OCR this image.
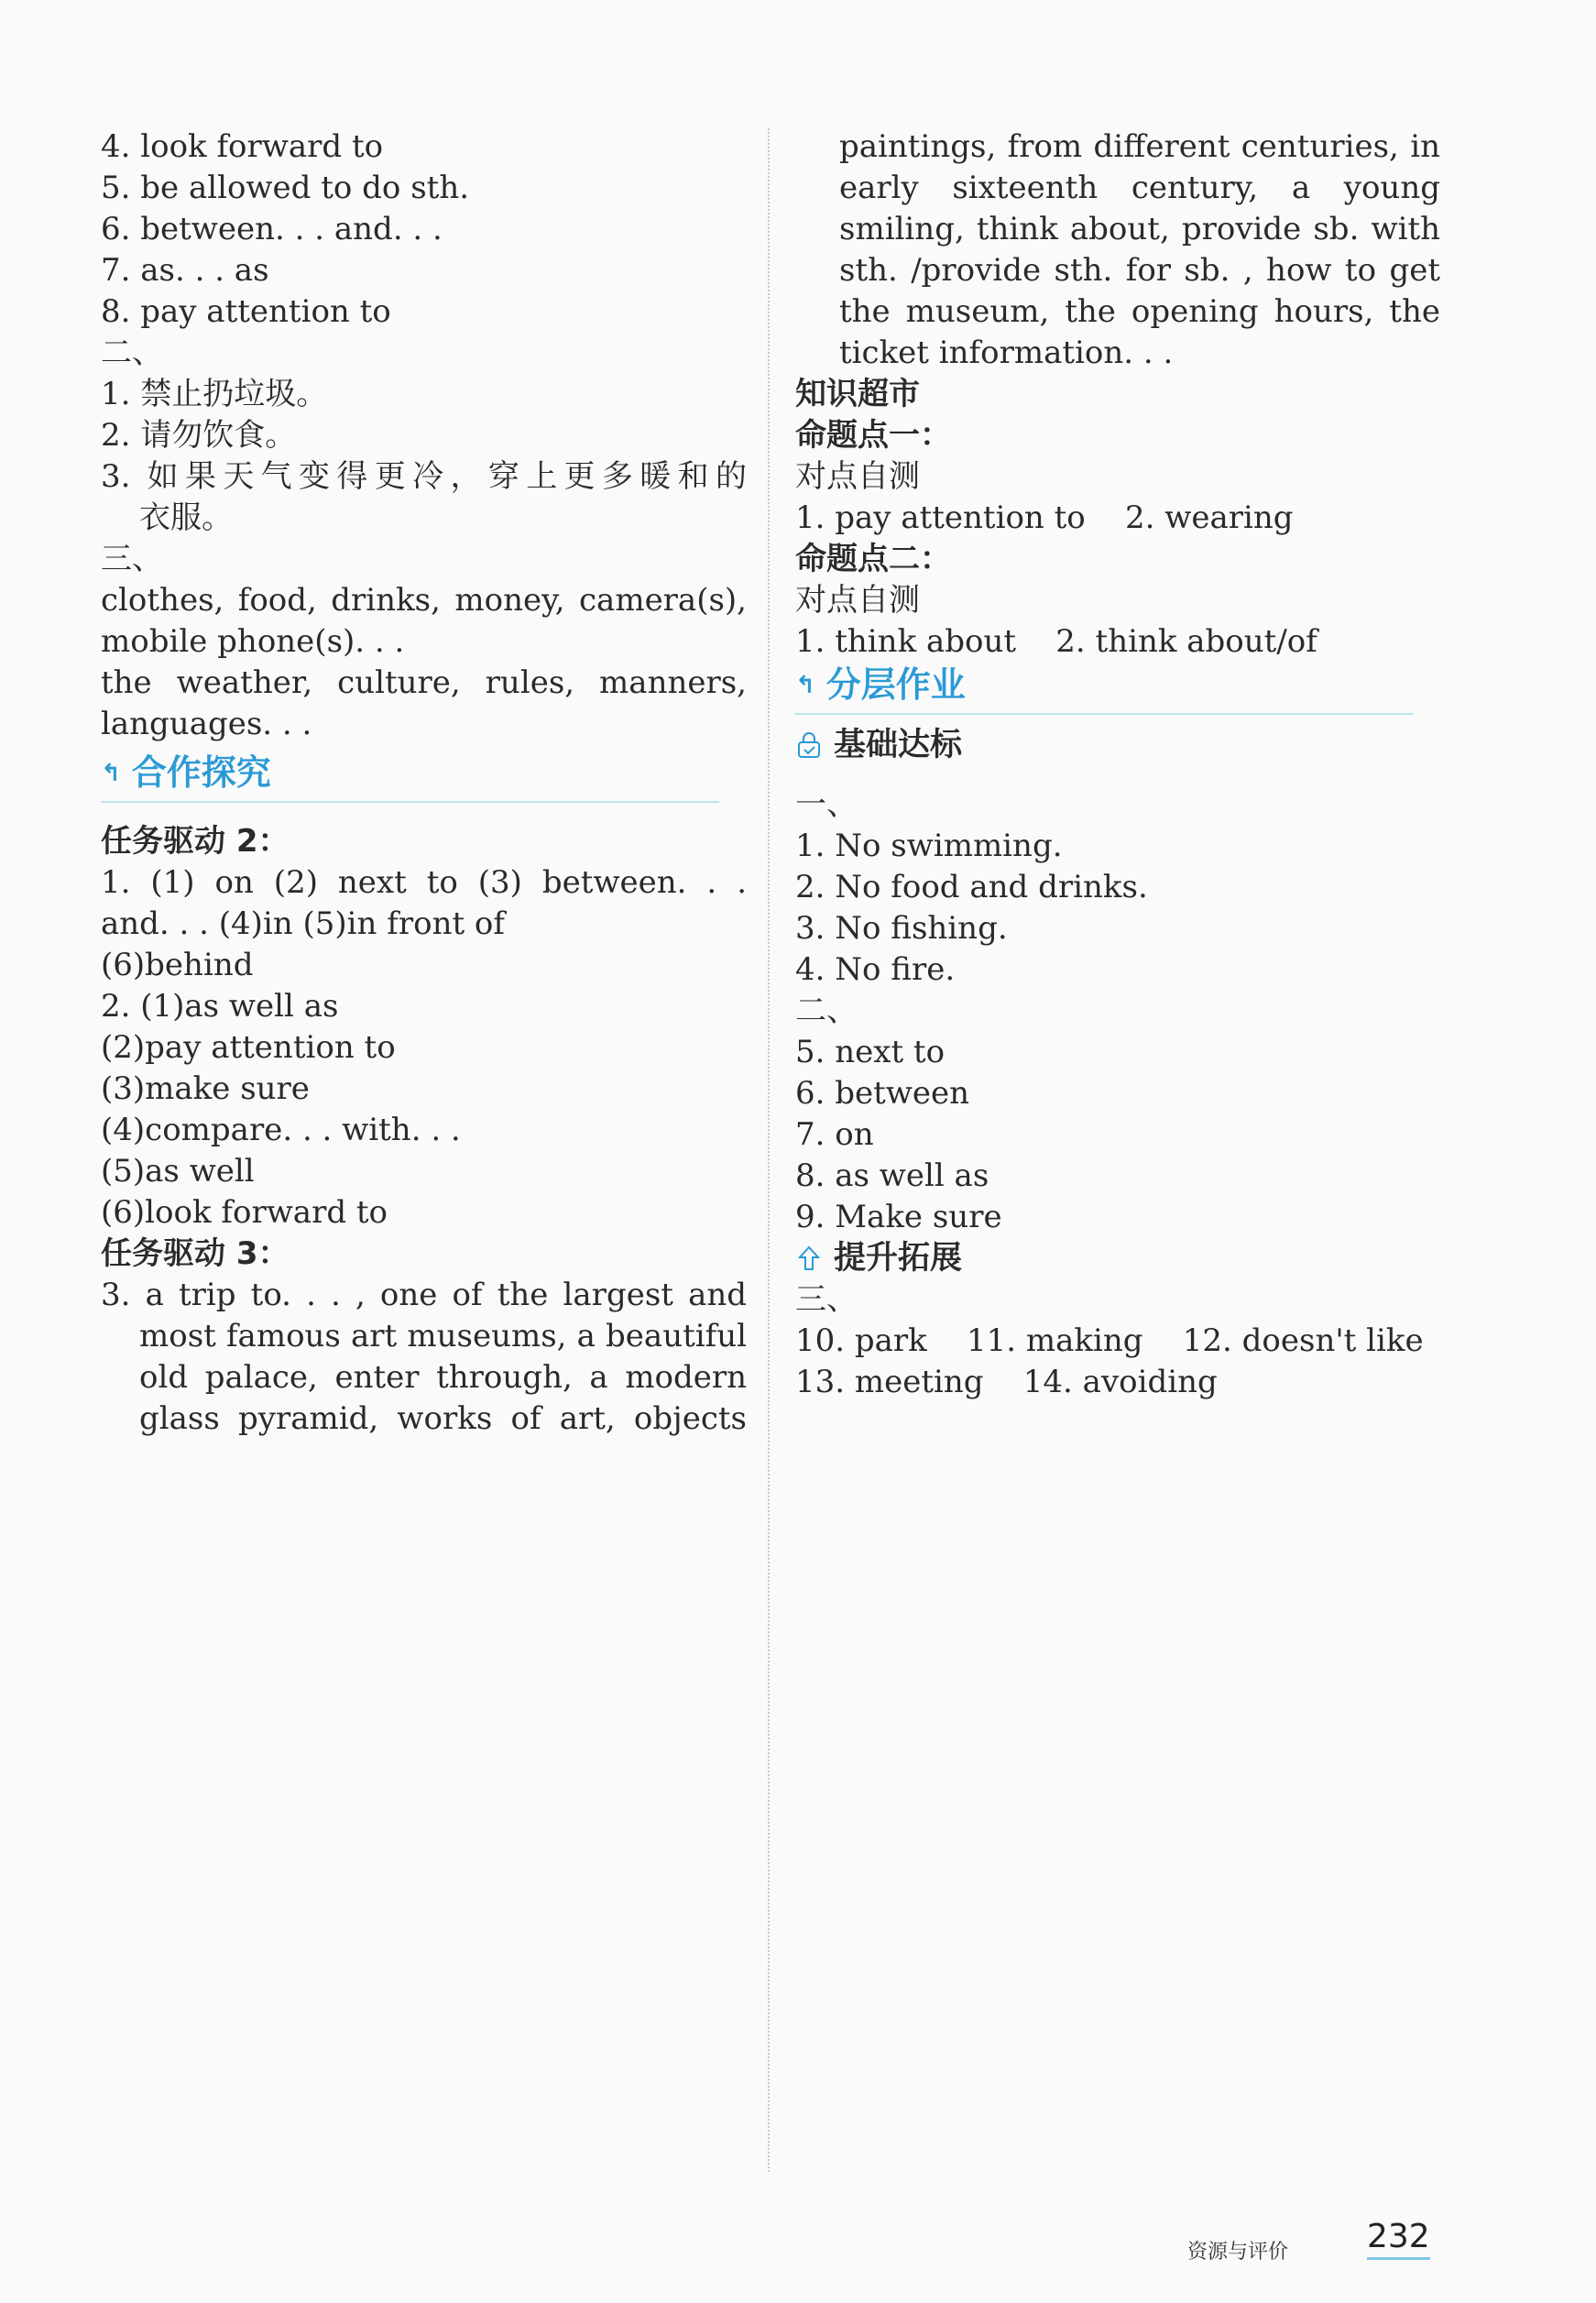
4. look forward to
5. be allowed to do sth.
6. between. . . and. . .
7. as. . . as
8. pay attention to
二、
1. 禁止扔垃圾。
2. 请勿饮食。
3. 如果天气变得更冷，穿上更多暖和的
衣服。
三、
clothes, food, drinks, money, camera(s),
mobile phone(s). . .
the weather, culture, rules, manners,
languages. . .
↰ 合作探究
任务驱动 2：
1. (1) on (2) next to (3) between. . .
and. . . (4)in (5)in front of
(6)behind
2. (1)as well as
(2)pay attention to
(3)make sure
(4)compare. . . with. . .
(5)as well
(6)look forward to
任务驱动 3：
3. a trip to. . . , one of the largest and
most famous art museums, a beautiful
old palace, enter through, a modern
glass pyramid, works of art, objects
paintings, from different centuries, in
early sixteenth century, a young
smiling, think about, provide sb. with
sth. /provide sth. for sb. , how to get
the museum, the opening hours, the
ticket information. . .
知识超市
命题点一：
对点自测
1. pay attention to    2. wearing
命题点二：
对点自测
1. think about    2. think about/of
↰ 分层作业
基础达标
一、
1. No swimming.
2. No food and drinks.
3. No fishing.
4. No fire.
二、
5. next to
6. between
7. on
8. as well as
9. Make sure
提升拓展
三、
10. park    11. making    12. doesn't like
13. meeting    14. avoiding
资源与评价 232
